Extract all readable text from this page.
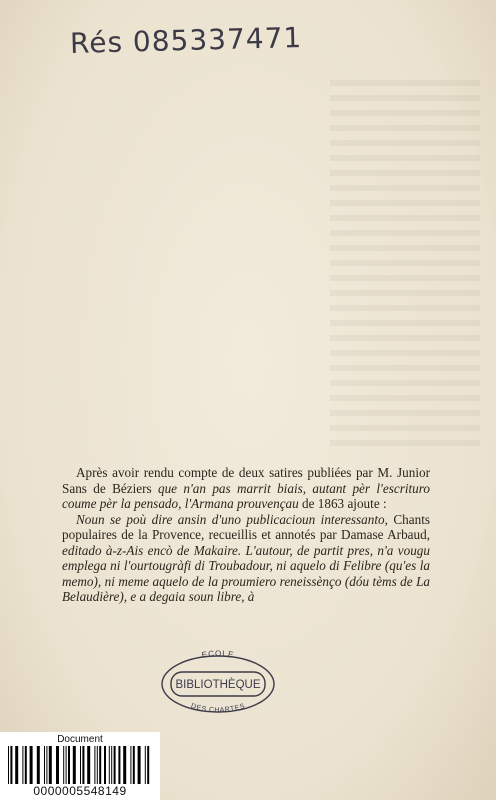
Rés 085337471

Après avoir rendu compte de deux satires publiées par M. Junior Sans de Béziers que n'an pas marrit biais, autant pèr l'escrituro coume pèr la pensado, l'Armana prouvençau de 1863 ajoute :

Noun se poù dire ansin d'uno publicacioun interessanto, Chants populaires de la Provence, recueillis et annotés par Damase Arbaud, editado à-z-Ais encò de Makaire. L'autour, de partit pres, n'a vougu emplega ni l'ourtougràfi di Troubadour, ni aquelo di Felibre (qu'es la memo), ni meme aquelo de la proumiero reneissènço (dóu tèms de La Belaudière), e a degaia soun libre, à

ECOLE
BIBLIOTHÈQUE
DES CHARTES
Document
0000005548149
